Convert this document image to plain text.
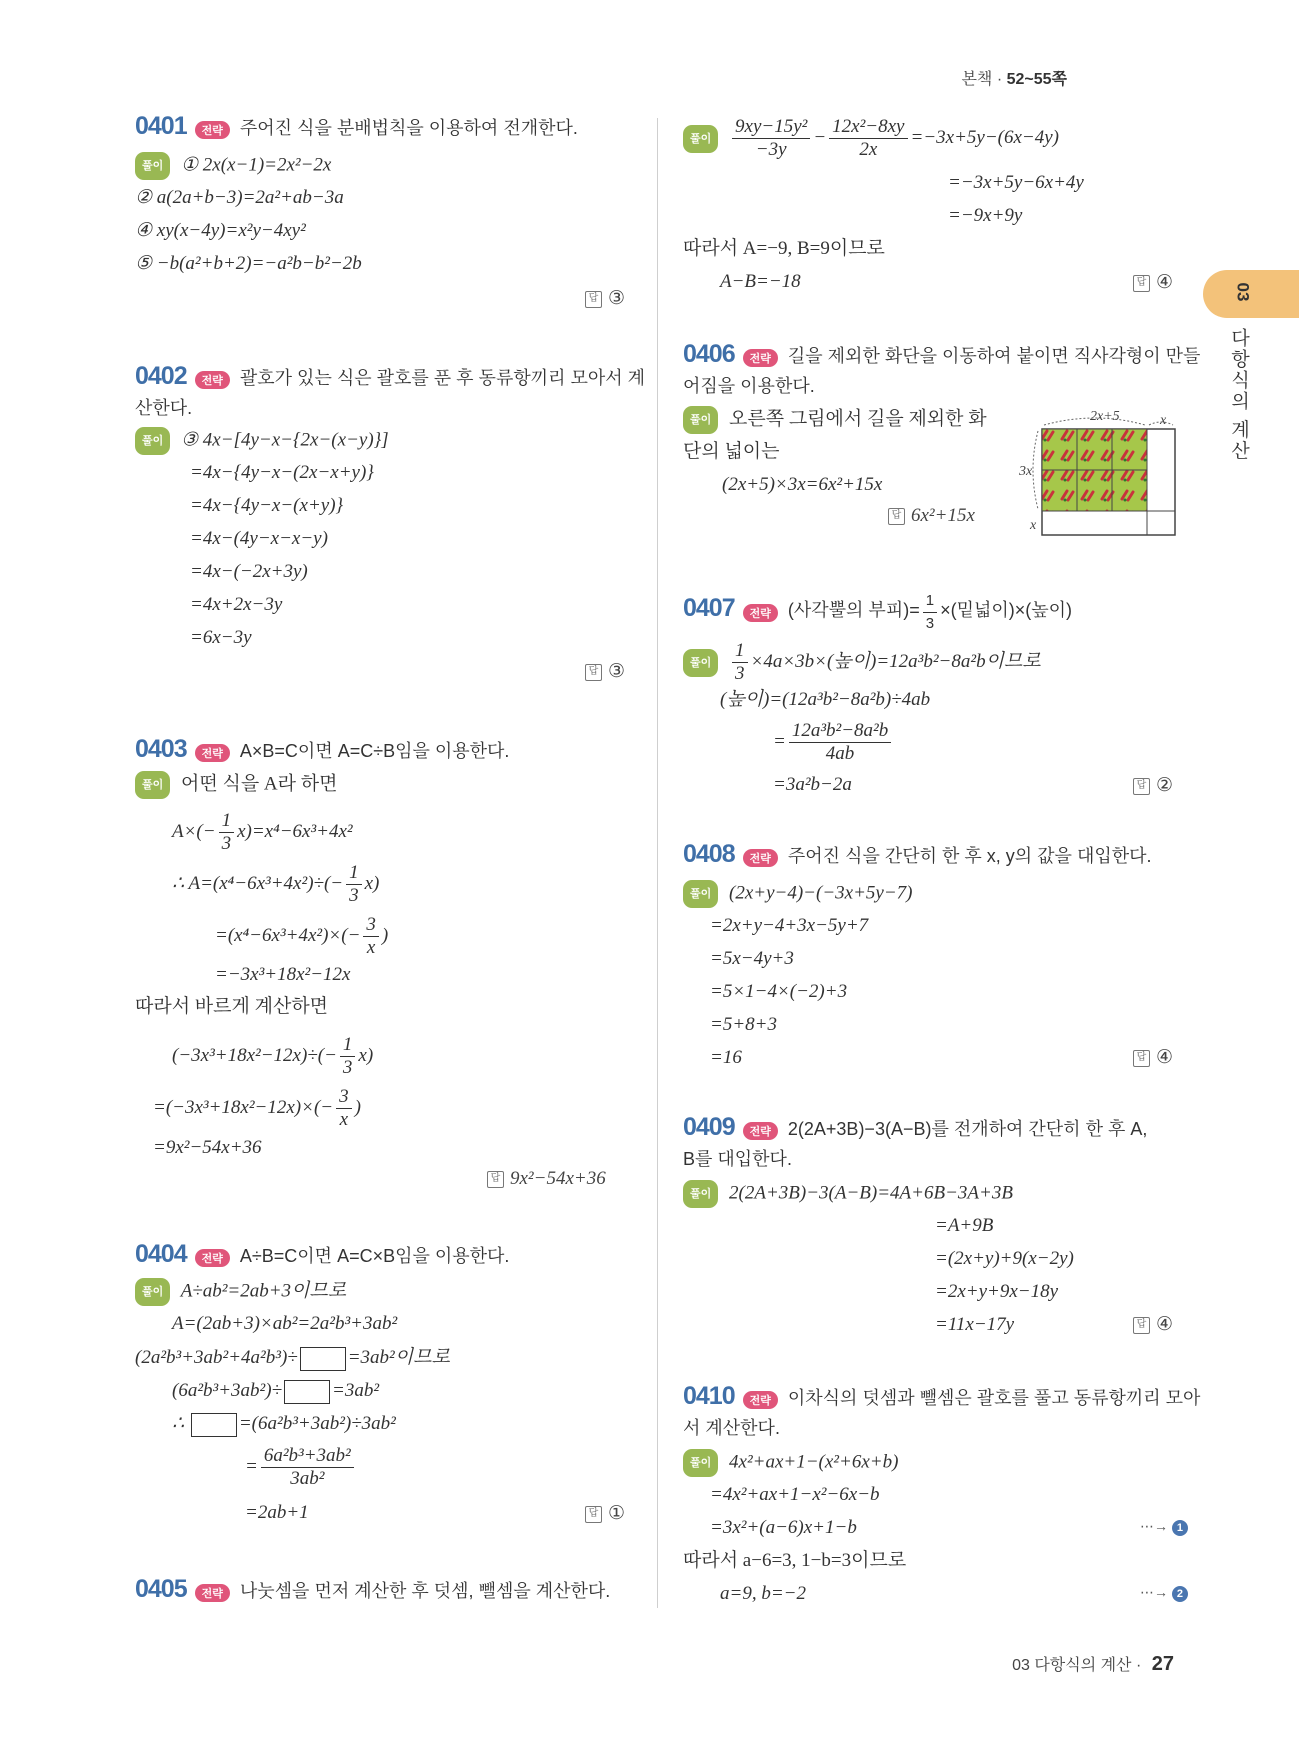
본책 · 52~55쪽
03
다항식의 계산
0401 전략 주어진 식을 분배법칙을 이용하여 전개한다.
풀이 ① 2x(x−1)=2x²−2x
② a(2a+b−3)=2a²+ab−3a
④ xy(x−4y)=x²y−4xy²
⑤ −b(a²+b+2)=−a²b−b²−2b
답 ③
0402 전략 괄호가 있는 식은 괄호를 푼 후 동류항끼리 모아서 계
산한다.
풀이 ③ 4x−[4y−x−{2x−(x−y)}]
=4x−{4y−x−(2x−x+y)}
=4x−{4y−x−(x+y)}
=4x−(4y−x−x−y)
=4x−(−2x+3y)
=4x+2x−3y
=6x−3y
답 ③
0403 전략 A×B=C이면 A=C÷B임을 이용한다.
풀이 어떤 식을 A라 하면
$A\times(- \frac{1}{3} x)=x^4-6x^3+4x^2$
∴ $A=(x^4-6x^3+4x^2)\div(- \frac{1}{3} x)$
$=(x^4-6x^3+4x^2)\times(- \frac{3}{x}$ )
=−3x³+18x²−12x
따라서 바르게 계산하면
$(-3x^3+18x^2-12x)\div(- \frac{1}{3} x)$
$=(-3x^3+18x^2-12x)\times(- \frac{3}{x}$ )
=9x²−54x+36
답 9x²−54x+36
0404 전략 A÷B=C이면 A=C×B임을 이용한다.
풀이 A÷ab²=2ab+3이므로
A=(2ab+3)×ab²=2a²b³+3ab²
(2a²b³+3ab²+4a²b³)÷	=3ab²이므로
(6a²b³+3ab²)÷	=3ab²
∴	=(6a²b³+3ab²)÷3ab²
= $\frac{\text{6a²b³+3ab²}}{\text{3ab²}}$
=2ab+1	답 ①
0405 전략 나눗셈을 먼저 계산한 후 덧셈, 뺄셈을 계산한다.
풀이 $\frac{\text{9xy−15y²}}{-3y} - \frac{\text{12x²−8xy}}{2x} =-3x+5y-(6x-4y)$
=−3x+5y−6x+4y
=−9x+9y
따라서 A=−9, B=9이므로
A−B=−18	답 ④
0406 전략 길을 제외한 화단을 이동하여 붙이면 직사각형이 만들
어짐을 이용한다.
풀이 오른쪽 그림에서 길을 제외한 화
단의 넓이는
(2x+5)×3x=6x²+15x
답 6x²+15x
2x+5	x
3x
x
0407 전략 (사각뿔의 부피)= $\frac{1}{3}$ ×(밑넓이)×(높이)
풀이 $\frac{1}{3} \times 4a\times 3b\times$(높이)=12a³b²−8a²b이므로
(높이)=(12a³b²−8a²b)÷4ab
= $\frac{\text{12a³b²−8a²b}}{4ab}$
=3a²b−2a	답 ②
0408 전략 주어진 식을 간단히 한 후 x, y의 값을 대입한다.
풀이 (2x+y−4)−(−3x+5y−7)
=2x+y−4+3x−5y+7
=5x−4y+3
=5×1−4×(−2)+3
=5+8+3
=16	답 ④
0409 전략 2(2A+3B)−3(A−B)를 전개하여 간단히 한 후 A,
B를 대입한다.
풀이 2(2A+3B)−3(A−B)=4A+6B−3A+3B
=A+9B
=(2x+y)+9(x−2y)
=2x+y+9x−18y
=11x−17y	답 ④
0410 전략 이차식의 덧셈과 뺄셈은 괄호를 풀고 동류항끼리 모아
서 계산한다.
풀이 4x²+ax+1−(x²+6x+b)
=4x²+ax+1−x²−6x−b
=3x²+(a−6)x+1−b	⋯→ 1
따라서 a−6=3, 1−b=3이므로
a=9, b=−2	⋯→ 2
03 다항식의 계산 · 27
